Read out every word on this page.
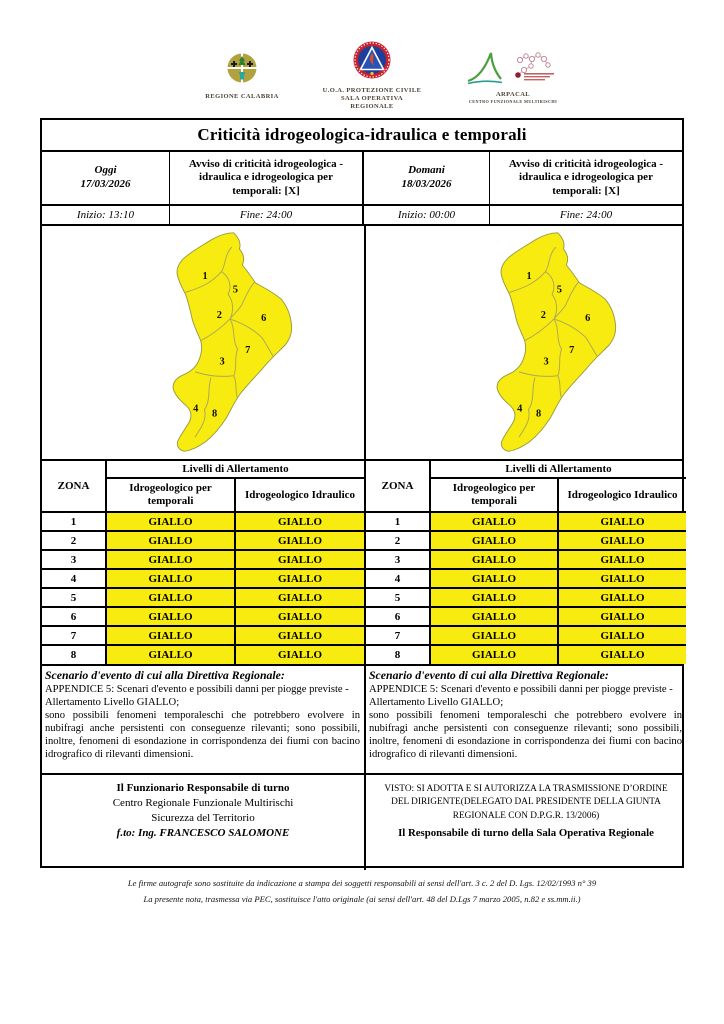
REGIONE CALABRIA
U.O.A. PROTEZIONE CIVILE
SALA OPERATIVA REGIONALE
ARPACAL
CENTRO FUNZIONALE MULTIRISCHI
Criticità idrogeologica-idraulica e temporali
Oggi
17/03/2026
Avviso di criticità idrogeologica - idraulica e idrogeologica per temporali: [X]
Domani
18/03/2026
Avviso di criticità idrogeologica - idraulica e idrogeologica per temporali: [X]
Inizio: 13:10	Fine: 24:00	Inizio: 00:00	Fine: 24:00
1
5
2	6
7
3
4 8
1
5
2	6
7
3
4 8
ZONA	Livelli di Allertamento	
	Idrogeologico per temporali	Idrogeologico Idraulico
1	GIALLO	GIALLO
2	GIALLO	GIALLO
3	GIALLO	GIALLO
4	GIALLO	GIALLO
5	GIALLO	GIALLO
6	GIALLO	GIALLO
7	GIALLO	GIALLO
8	GIALLO	GIALLO
ZONA	Livelli di Allertamento	
	Idrogeologico per temporali	Idrogeologico Idraulico
1	GIALLO	GIALLO
2	GIALLO	GIALLO
3	GIALLO	GIALLO
4	GIALLO	GIALLO
5	GIALLO	GIALLO
6	GIALLO	GIALLO
7	GIALLO	GIALLO
8	GIALLO	GIALLO
Scenario d'evento di cui alla Direttiva Regionale:
APPENDICE 5: Scenari d'evento e possibili danni per piogge previste - Allertamento Livello GIALLO;
sono possibili fenomeni temporaleschi che potrebbero evolvere in nubifragi anche persistenti con conseguenze rilevanti; sono possibili, inoltre, fenomeni di esondazione in corrispondenza dei fiumi con bacino idrografico di rilevanti dimensioni.
Scenario d'evento di cui alla Direttiva Regionale:
APPENDICE 5: Scenari d'evento e possibili danni per piogge previste - Allertamento Livello GIALLO;
sono possibili fenomeni temporaleschi che potrebbero evolvere in nubifragi anche persistenti con conseguenze rilevanti; sono possibili, inoltre, fenomeni di esondazione in corrispondenza dei fiumi con bacino idrografico di rilevanti dimensioni.
Il Funzionario Responsabile di turno
Centro Regionale Funzionale Multirischi
Sicurezza del Territorio
f.to: Ing. FRANCESCO SALOMONE
VISTO: SI ADOTTA E SI AUTORIZZA LA TRASMISSIONE D’ORDINE DEL DIRIGENTE(DELEGATO DAL PRESIDENTE DELLA GIUNTA REGIONALE CON D.P.G.R. 13/2006)
Il Responsabile di turno della Sala Operativa Regionale
Le firme autografe sono sostituite da indicazione a stampa dei soggetti responsabili ai sensi dell'art. 3 c. 2 del D. Lgs. 12/02/1993 n° 39
La presente nota, trasmessa via PEC, sostituisce l'atto originale (ai sensi dell'art. 48 del D.Lgs 7 marzo 2005, n.82 e ss.mm.ii.)
